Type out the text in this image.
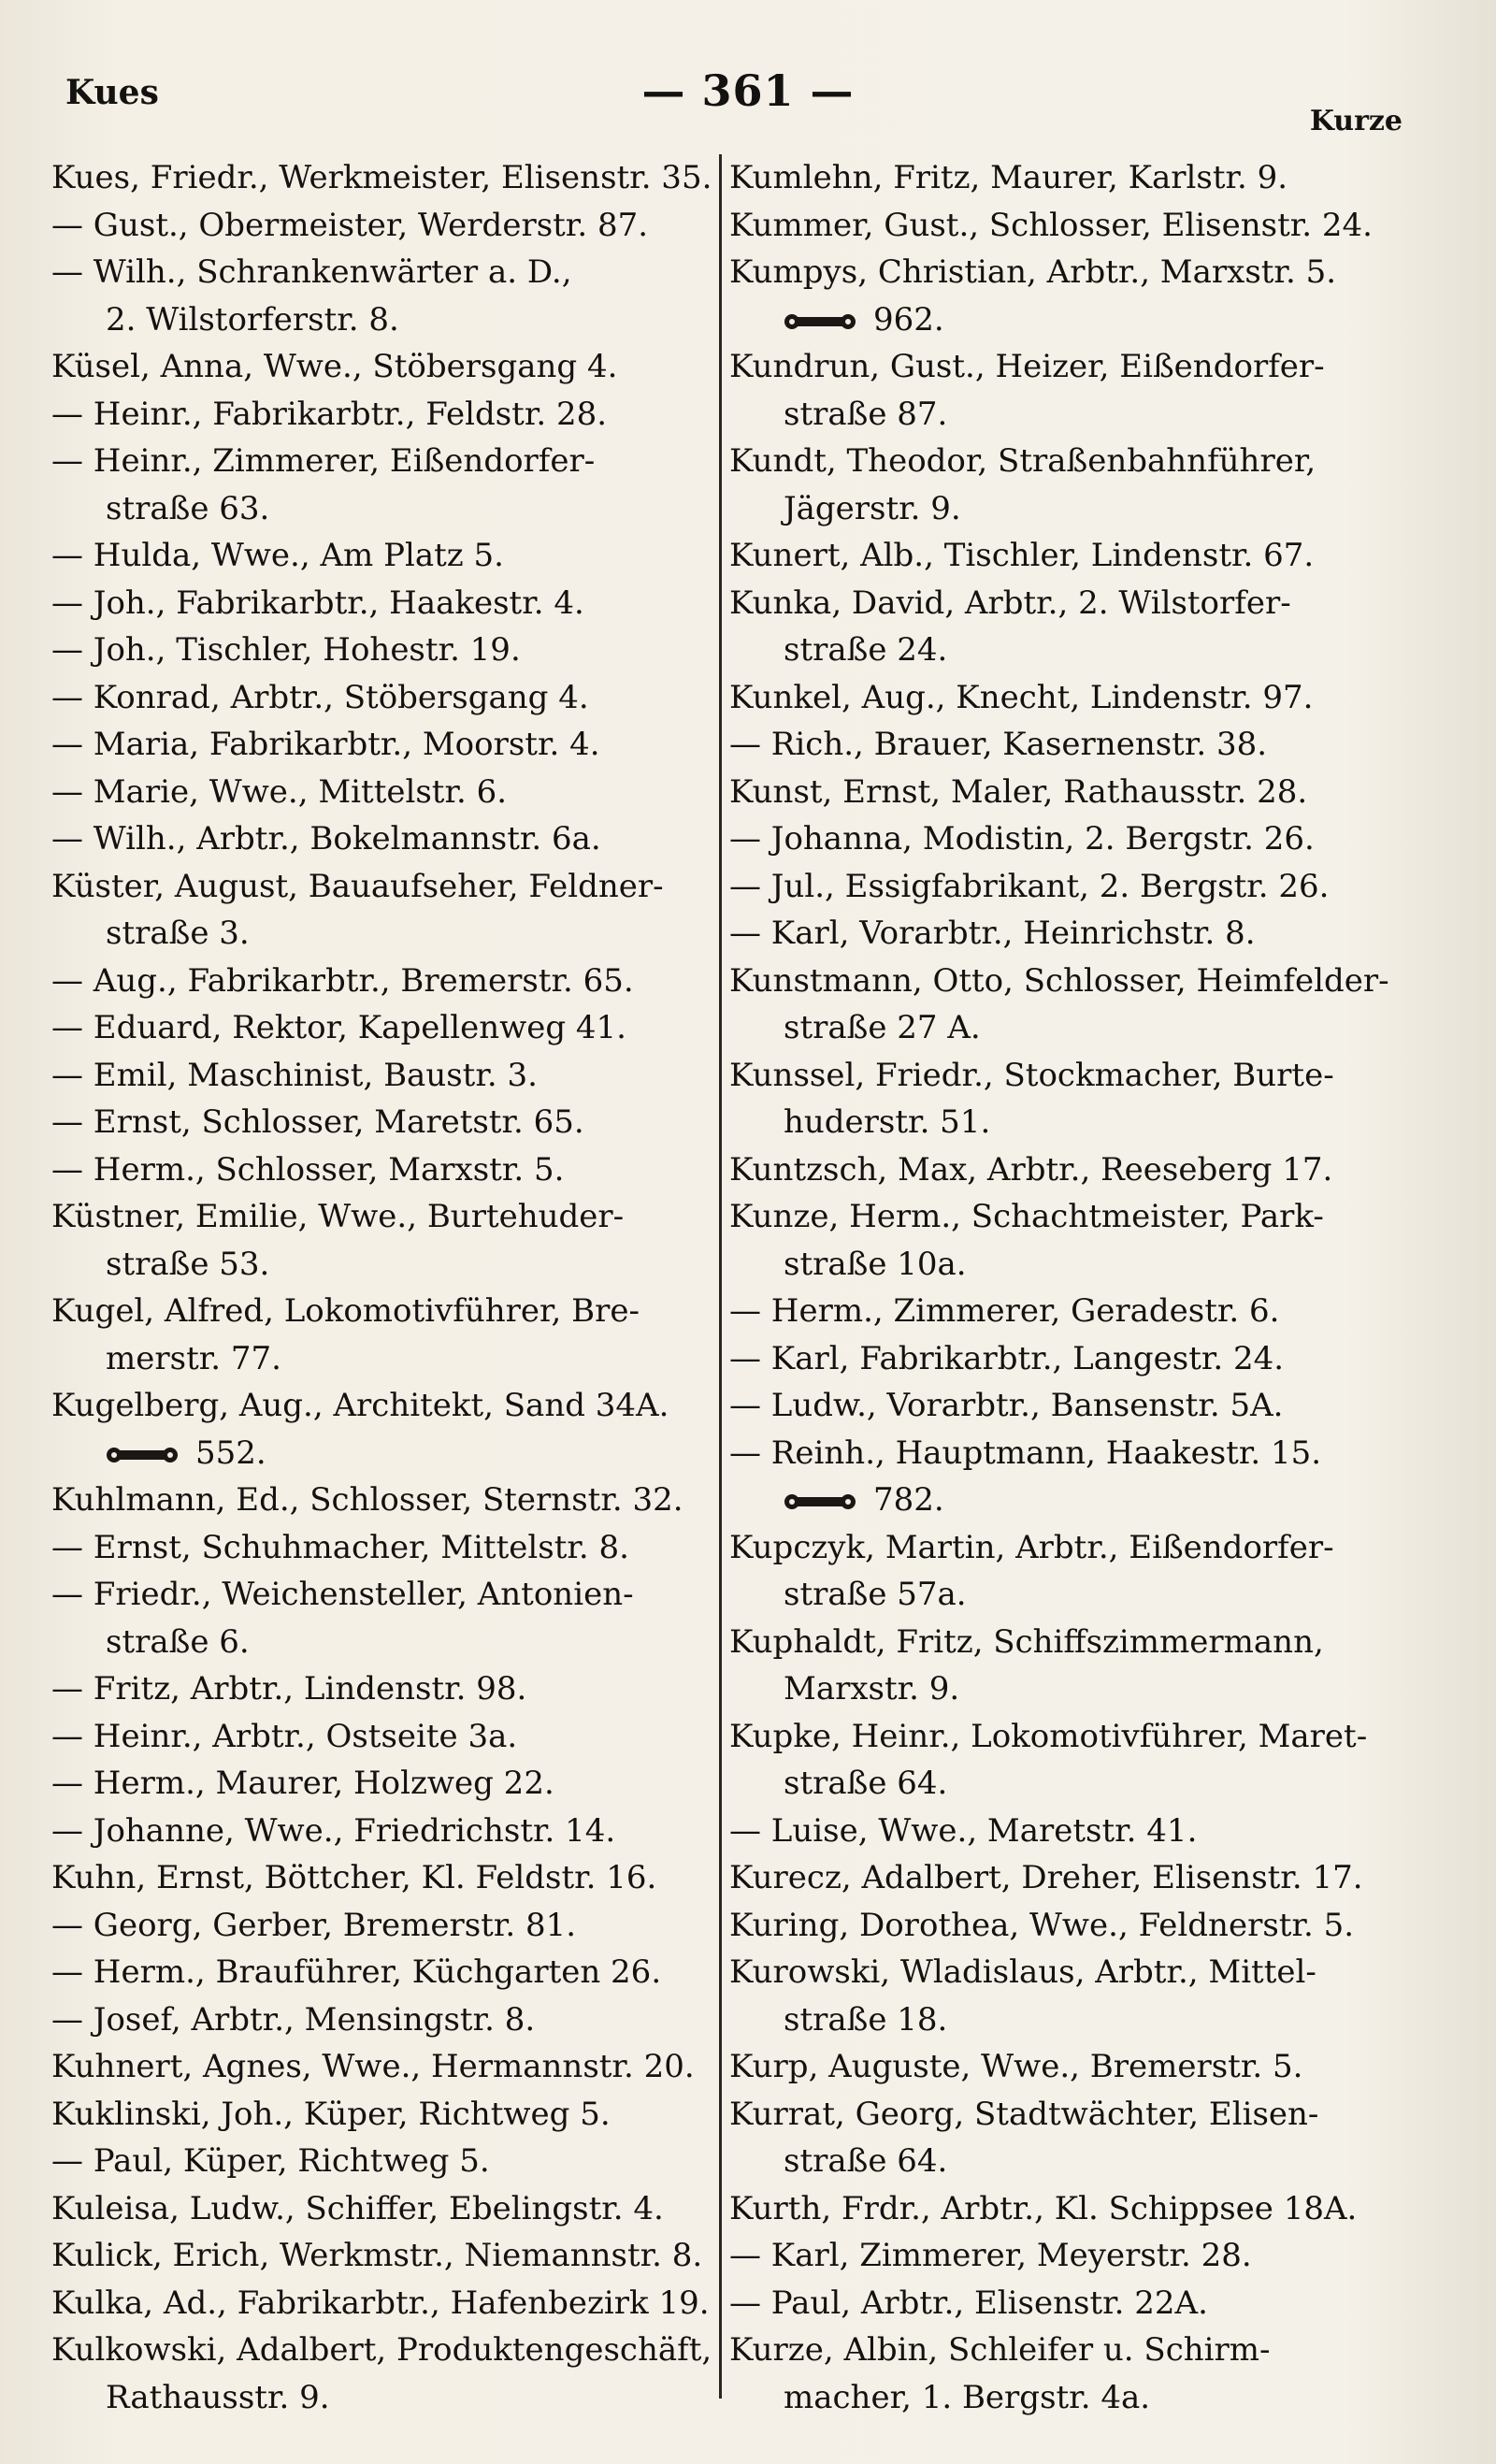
Kues	— 361 —
Kurze
Kues, Friedr., Werkmeister, Elisenstr. 35.
— Gust., Obermeister, Werderstr. 87.
— Wilh., Schrankenwärter a. D.,
2. Wilstorferstr. 8.
Küsel, Anna, Wwe., Stöbersgang 4.
— Heinr., Fabrikarbtr., Feldstr. 28.
— Heinr., Zimmerer, Eißendorfer-
straße 63.
— Hulda, Wwe., Am Platz 5.
— Joh., Fabrikarbtr., Haakestr. 4.
— Joh., Tischler, Hohestr. 19.
— Konrad, Arbtr., Stöbersgang 4.
— Maria, Fabrikarbtr., Moorstr. 4.
— Marie, Wwe., Mittelstr. 6.
— Wilh., Arbtr., Bokelmannstr. 6a.
Küster, August, Bauaufseher, Feldner-
straße 3.
— Aug., Fabrikarbtr., Bremerstr. 65.
— Eduard, Rektor, Kapellenweg 41.
— Emil, Maschinist, Baustr. 3.
— Ernst, Schlosser, Maretstr. 65.
— Herm., Schlosser, Marxstr. 5.
Küstner, Emilie, Wwe., Burtehuder-
straße 53.
Kugel, Alfred, Lokomotivführer, Bre-
merstr. 77.
Kugelberg, Aug., Architekt, Sand 34A.
552.
Kuhlmann, Ed., Schlosser, Sternstr. 32.
— Ernst, Schuhmacher, Mittelstr. 8.
— Friedr., Weichensteller, Antonien-
straße 6.
— Fritz, Arbtr., Lindenstr. 98.
— Heinr., Arbtr., Ostseite 3a.
— Herm., Maurer, Holzweg 22.
— Johanne, Wwe., Friedrichstr. 14.
Kuhn, Ernst, Böttcher, Kl. Feldstr. 16.
— Georg, Gerber, Bremerstr. 81.
— Herm., Brauführer, Küchgarten 26.
— Josef, Arbtr., Mensingstr. 8.
Kuhnert, Agnes, Wwe., Hermannstr. 20.
Kuklinski, Joh., Küper, Richtweg 5.
— Paul, Küper, Richtweg 5.
Kuleisa, Ludw., Schiffer, Ebelingstr. 4.
Kulick, Erich, Werkmstr., Niemannstr. 8.
Kulka, Ad., Fabrikarbtr., Hafenbezirk 19.
Kulkowski, Adalbert, Produktengeschäft,
Rathausstr. 9.
Kumlehn, Fritz, Maurer, Karlstr. 9.
Kummer, Gust., Schlosser, Elisenstr. 24.
Kumpys, Christian, Arbtr., Marxstr. 5.
962.
Kundrun, Gust., Heizer, Eißendorfer-
straße 87.
Kundt, Theodor, Straßenbahnführer,
Jägerstr. 9.
Kunert, Alb., Tischler, Lindenstr. 67.
Kunka, David, Arbtr., 2. Wilstorfer-
straße 24.
Kunkel, Aug., Knecht, Lindenstr. 97.
— Rich., Brauer, Kasernenstr. 38.
Kunst, Ernst, Maler, Rathausstr. 28.
— Johanna, Modistin, 2. Bergstr. 26.
— Jul., Essigfabrikant, 2. Bergstr. 26.
— Karl, Vorarbtr., Heinrichstr. 8.
Kunstmann, Otto, Schlosser, Heimfelder-
straße 27 A.
Kunssel, Friedr., Stockmacher, Burte-
huderstr. 51.
Kuntzsch, Max, Arbtr., Reeseberg 17.
Kunze, Herm., Schachtmeister, Park-
straße 10a.
— Herm., Zimmerer, Geradestr. 6.
— Karl, Fabrikarbtr., Langestr. 24.
— Ludw., Vorarbtr., Bansenstr. 5A.
— Reinh., Hauptmann, Haakestr. 15.
782.
Kupczyk, Martin, Arbtr., Eißendorfer-
straße 57a.
Kuphaldt, Fritz, Schiffszimmermann,
Marxstr. 9.
Kupke, Heinr., Lokomotivführer, Maret-
straße 64.
— Luise, Wwe., Maretstr. 41.
Kurecz, Adalbert, Dreher, Elisenstr. 17.
Kuring, Dorothea, Wwe., Feldnerstr. 5.
Kurowski, Wladislaus, Arbtr., Mittel-
straße 18.
Kurp, Auguste, Wwe., Bremerstr. 5.
Kurrat, Georg, Stadtwächter, Elisen-
straße 64.
Kurth, Frdr., Arbtr., Kl. Schippsee 18A.
— Karl, Zimmerer, Meyerstr. 28.
— Paul, Arbtr., Elisenstr. 22A.
Kurze, Albin, Schleifer u. Schirm-
macher, 1. Bergstr. 4a.
